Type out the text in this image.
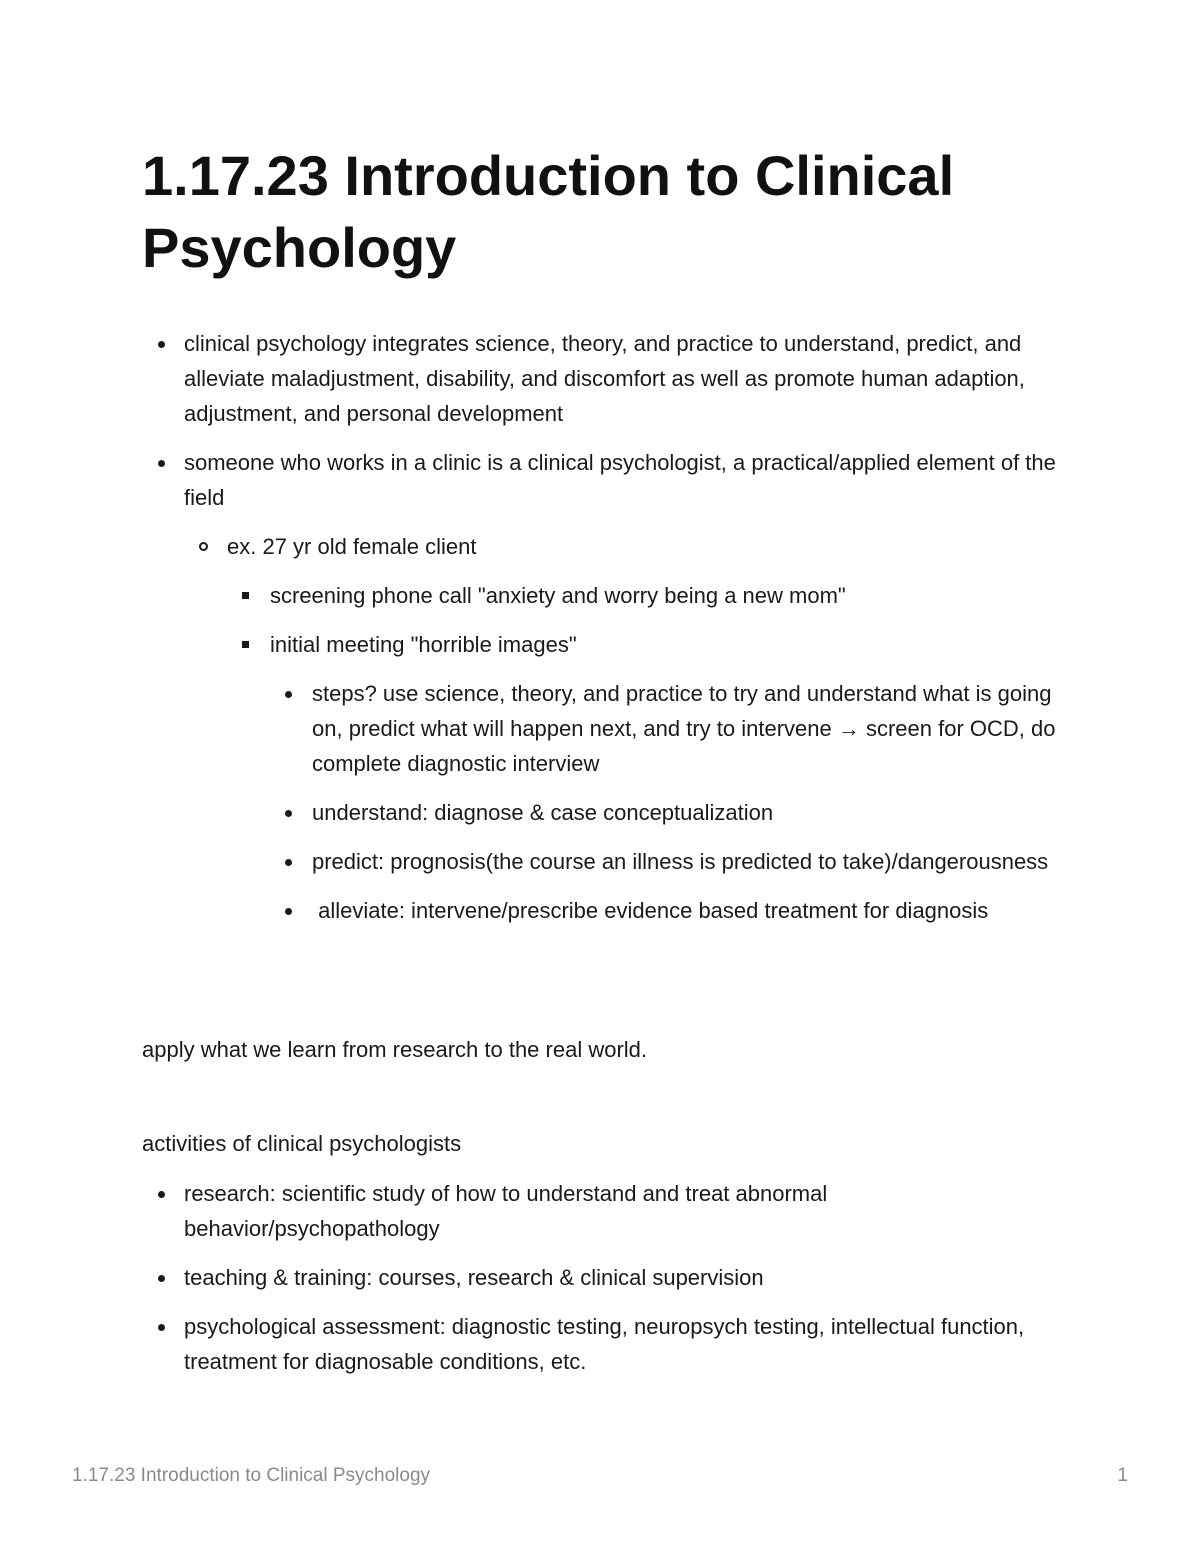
1.17.23 Introduction to Clinical Psychology
clinical psychology integrates science, theory, and practice to understand, predict, and alleviate maladjustment, disability, and discomfort as well as promote human adaption, adjustment, and personal development
someone who works in a clinic is a clinical psychologist, a practical/applied element of the field
ex. 27 yr old female client
screening phone call "anxiety and worry being a new mom"
initial meeting "horrible images"
steps? use science, theory, and practice to try and understand what is going on, predict what will happen next, and try to intervene → screen for OCD, do complete diagnostic interview
understand: diagnose & case conceptualization
predict: prognosis(the course an illness is predicted to take)/dangerousness
alleviate: intervene/prescribe evidence based treatment for diagnosis

apply what we learn from research to the real world.

activities of clinical psychologists

research: scientific study of how to understand and treat abnormal behavior/psychopathology
teaching & training: courses, research & clinical supervision
psychological assessment: diagnostic testing, neuropsych testing, intellectual function, treatment for diagnosable conditions, etc.
1.17.23 Introduction to Clinical Psychology	1
